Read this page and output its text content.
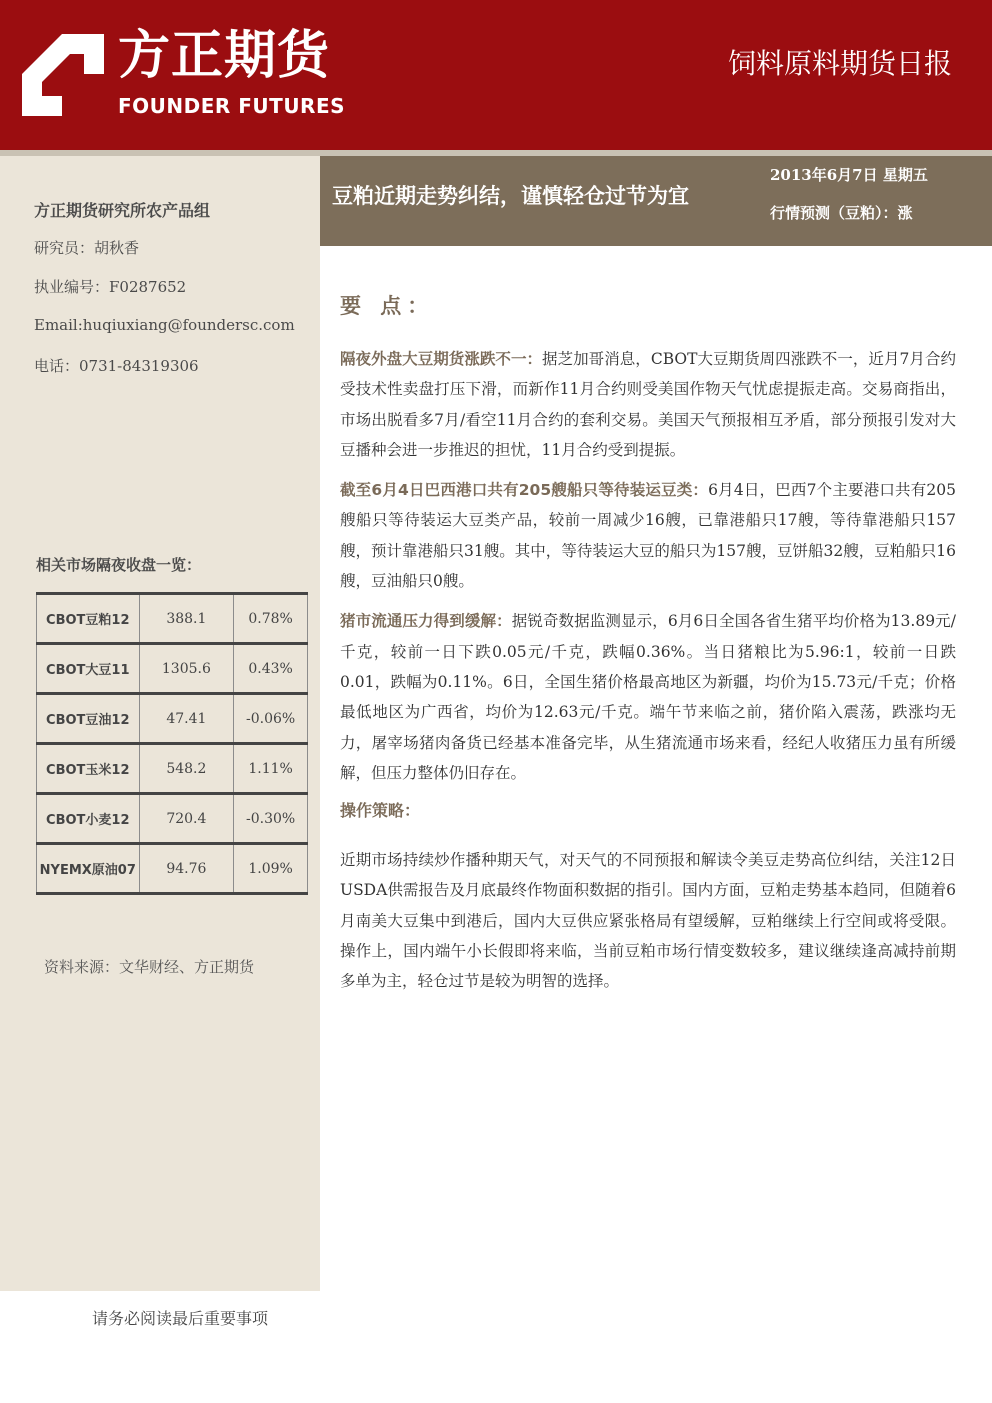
方正期货
FOUNDER FUTURES
饲料原料期货日报
方正期货研究所农产品组
研究员：胡秋香
执业编号：F0287652
Email:huqiuxiang@foundersc.com
电话：0731-84319306
相关市场隔夜收盘一览：
CBOT豆粕12	388.1	0.78%
CBOT大豆11	1305.6	0.43%
CBOT豆油12	47.41	-0.06%
CBOT玉米12	548.2	1.11%
CBOT小麦12	720.4	-0.30%
NYEMX原油07	94.76	1.09%
资料来源：文华财经、方正期货
请务必阅读最后重要事项
豆粕近期走势纠结，谨慎轻仓过节为宜
2013年6月7日 星期五
行情预测（豆粕）：涨
要 点：

隔夜外盘大豆期货涨跌不一：据芝加哥消息，CBOT大豆期货周四涨跌不一，近月7月合约受技术性卖盘打压下滑，而新作11月合约则受美国作物天气忧虑提振走高。交易商指出，市场出脱看多7月/看空11月合约的套利交易。美国天气预报相互矛盾，部分预报引发对大豆播种会进一步推迟的担忧，11月合约受到提振。

截至6月4日巴西港口共有205艘船只等待装运豆类：6月4日，巴西7个主要港口共有205艘船只等待装运大豆类产品，较前一周减少16艘，已靠港船只17艘，等待靠港船只157艘，预计靠港船只31艘。其中，等待装运大豆的船只为157艘，豆饼船32艘，豆粕船只16艘，豆油船只0艘。

猪市流通压力得到缓解：据锐奇数据监测显示，6月6日全国各省生猪平均价格为13.89元/千克，较前一日下跌0.05元/千克，跌幅0.36%。当日猪粮比为5.96:1，较前一日跌0.01，跌幅为0.11%。6日，全国生猪价格最高地区为新疆，均价为15.73元/千克；价格最低地区为广西省，均价为12.63元/千克。端午节来临之前，猪价陷入震荡，跌涨均无力，屠宰场猪肉备货已经基本准备完毕，从生猪流通市场来看，经纪人收猪压力虽有所缓解，但压力整体仍旧存在。

操作策略：

近期市场持续炒作播种期天气，对天气的不同预报和解读令美豆走势高位纠结，关注12日USDA供需报告及月底最终作物面积数据的指引。国内方面，豆粕走势基本趋同，但随着6月南美大豆集中到港后，国内大豆供应紧张格局有望缓解，豆粕继续上行空间或将受限。操作上，国内端午小长假即将来临，当前豆粕市场行情变数较多，建议继续逢高减持前期多单为主，轻仓过节是较为明智的选择。
